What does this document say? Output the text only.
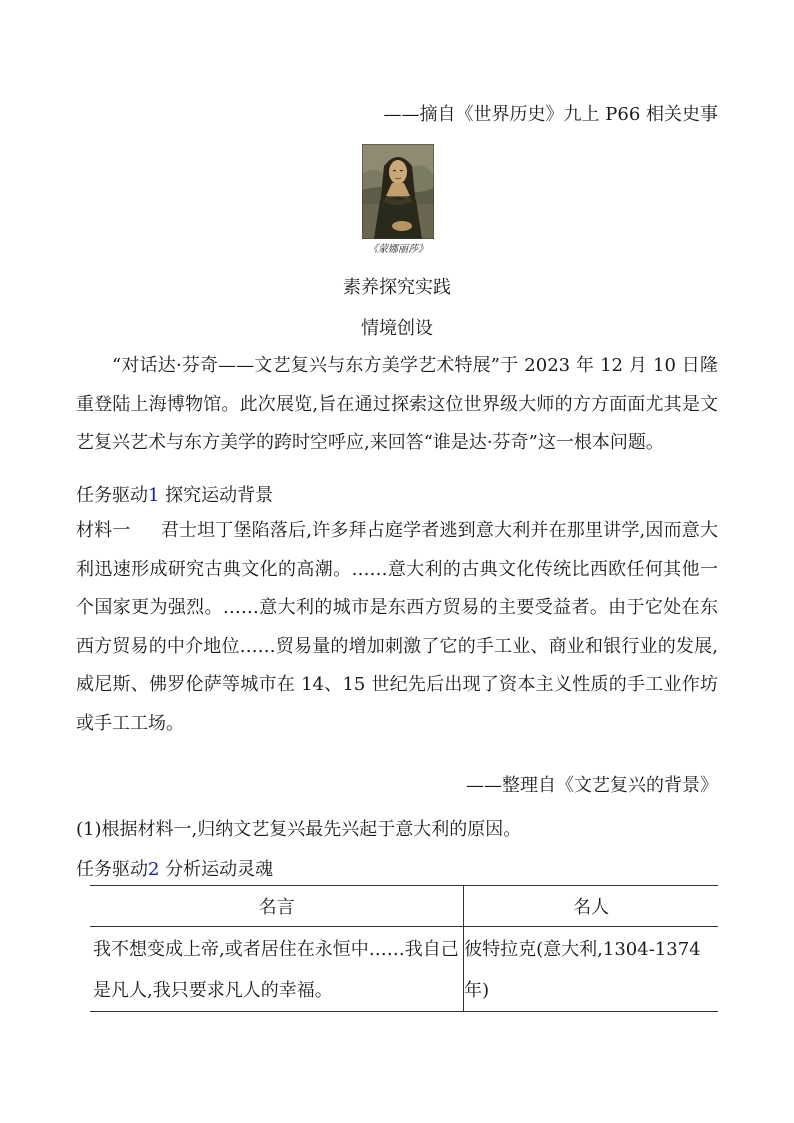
——摘自《世界历史》九上 P66 相关史事
《蒙娜丽莎》
素养探究实践
情境创设
“对话达·芬奇——文艺复兴与东方美学艺术特展”于 2023 年 12 月 10 日隆重登陆上海博物馆。此次展览,旨在通过探索这位世界级大师的方方面面尤其是文艺复兴艺术与东方美学的跨时空呼应,来回答“谁是达·芬奇”这一根本问题。
任务驱动1 探究运动背景
材料一 君士坦丁堡陷落后,许多拜占庭学者逃到意大利并在那里讲学,因而意大利迅速形成研究古典文化的高潮。……意大利的古典文化传统比西欧任何其他一个国家更为强烈。……意大利的城市是东西方贸易的主要受益者。由于它处在东西方贸易的中介地位……贸易量的增加刺激了它的手工业、商业和银行业的发展,威尼斯、佛罗伦萨等城市在 14、15 世纪先后出现了资本主义性质的手工业作坊或手工工场。
——整理自《文艺复兴的背景》
(1)根据材料一,归纳文艺复兴最先兴起于意大利的原因。
任务驱动2 分析运动灵魂
名言	名人
我不想变成上帝,或者居住在永恒中……我自己是凡人,我只要求凡人的幸福。	彼特拉克(意大利,1304-1374年)
